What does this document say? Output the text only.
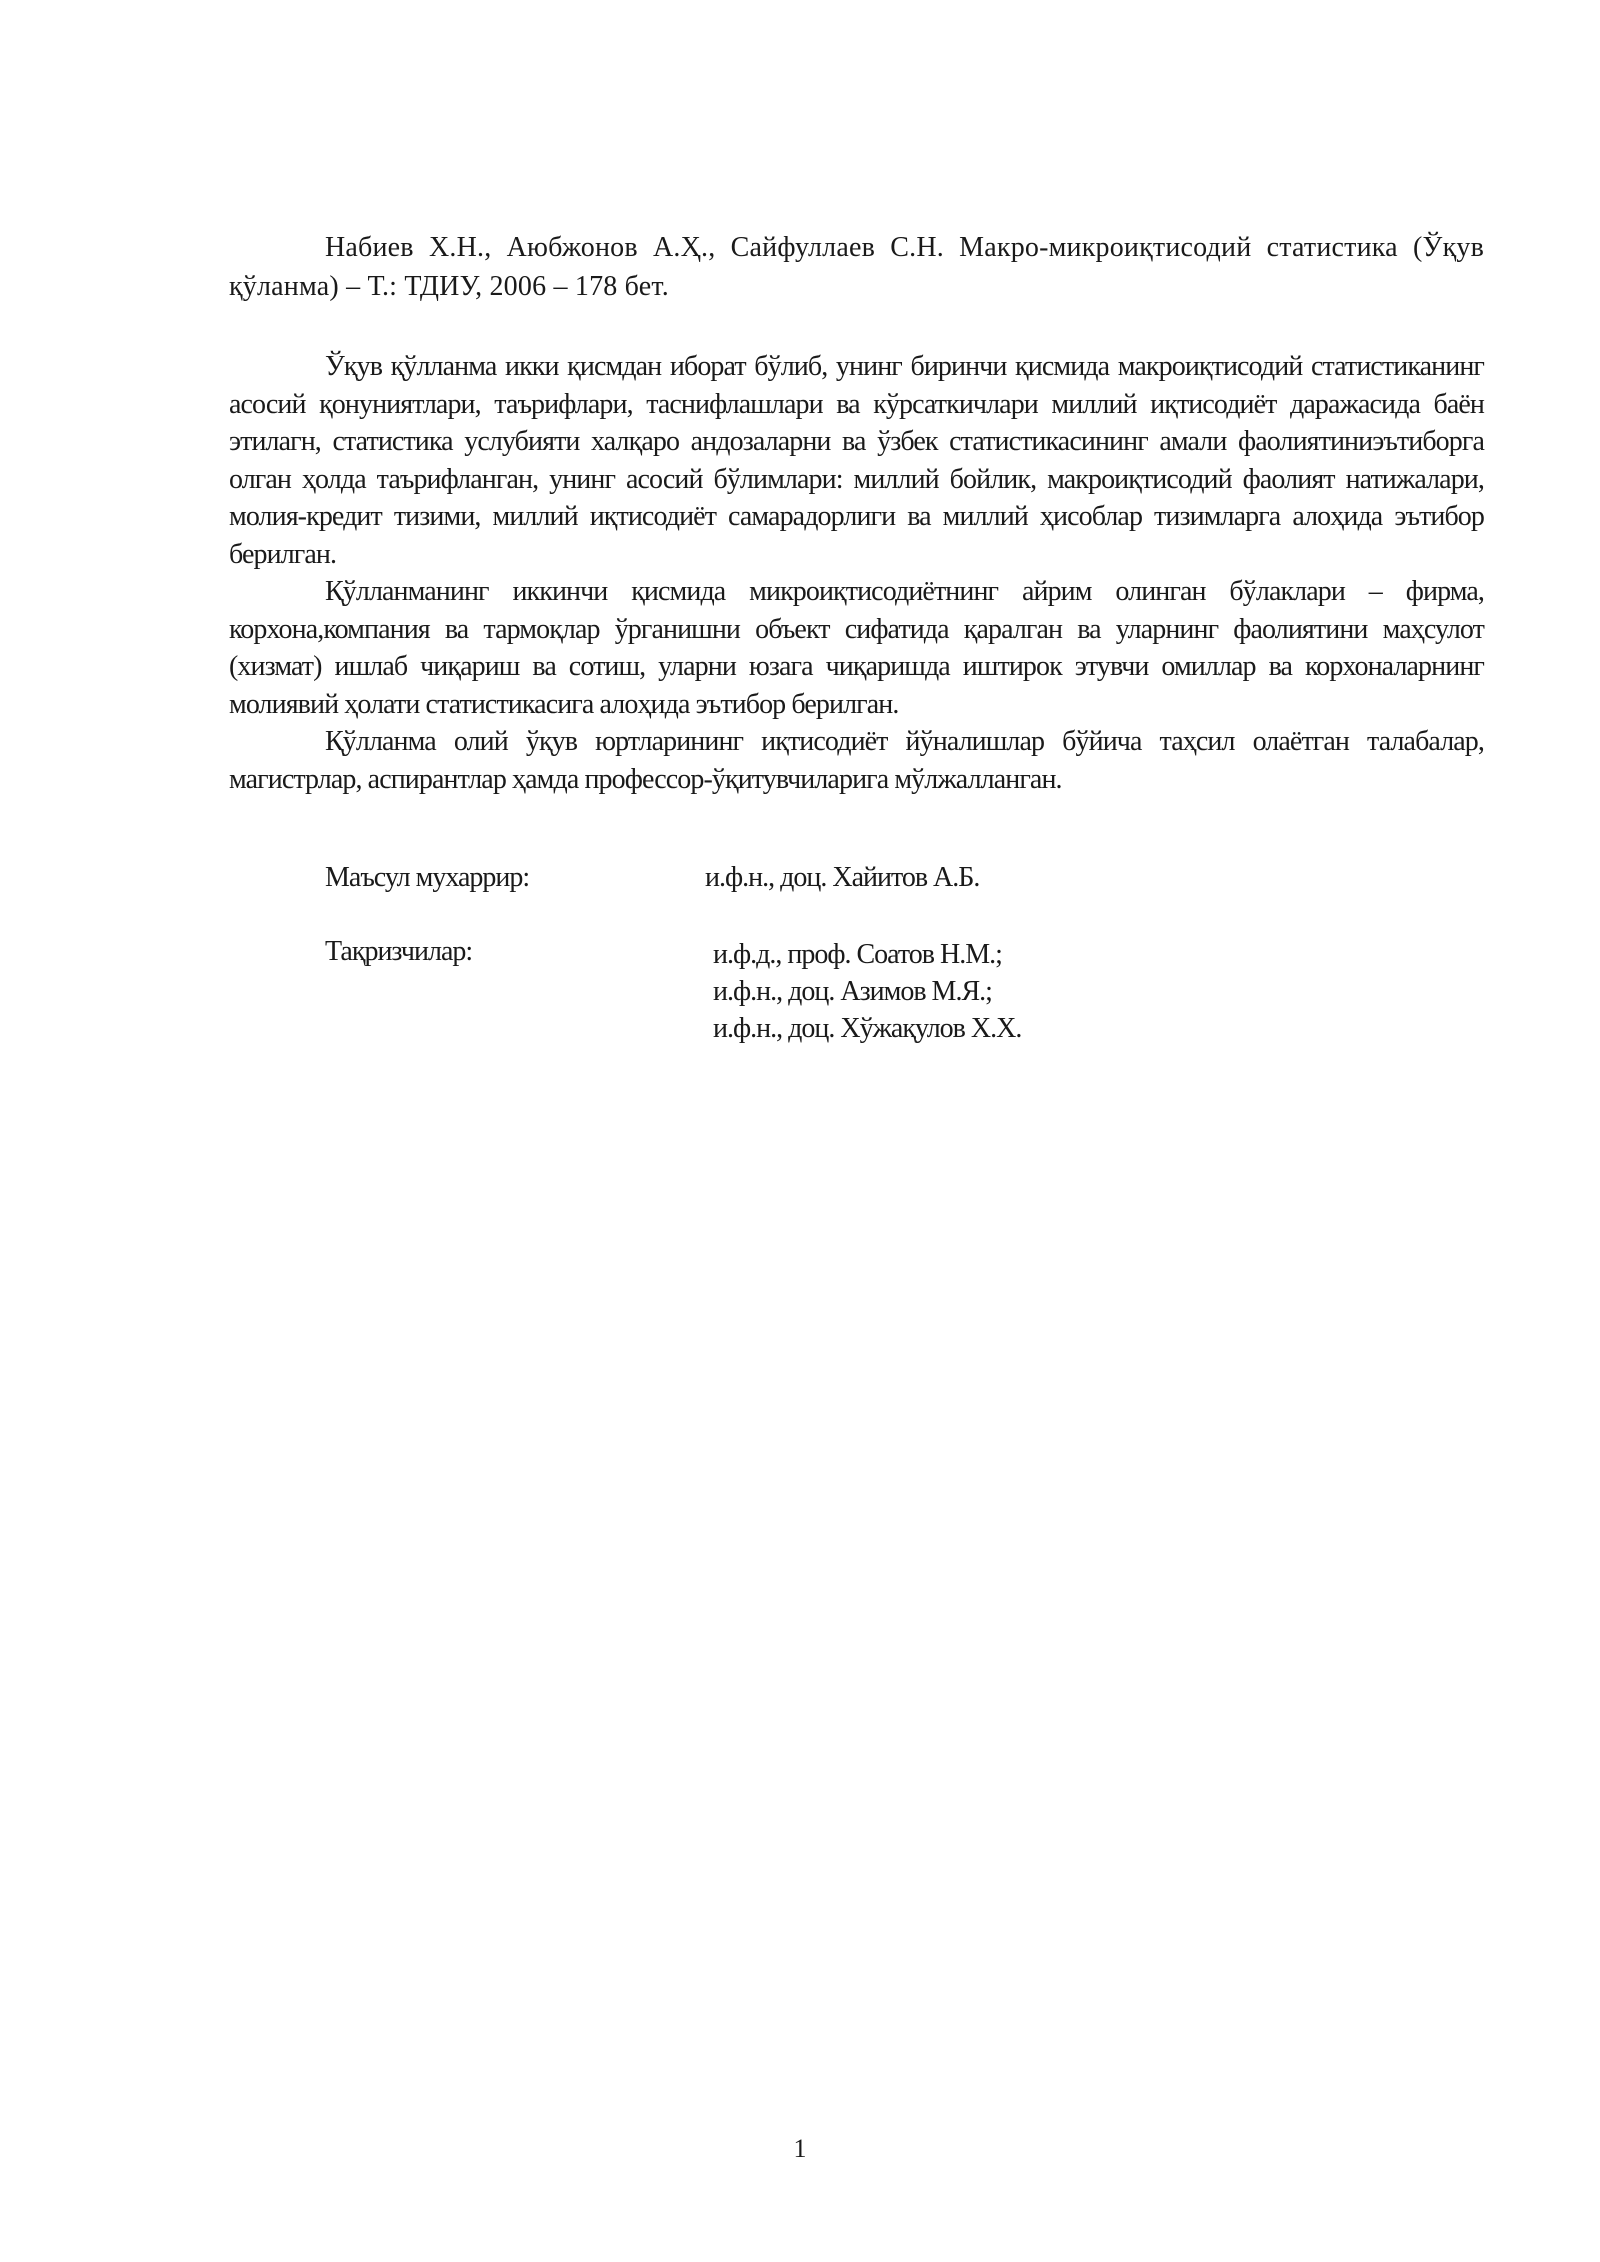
Набиев Х.Н., Аюбжонов А.Ҳ., Сайфуллаев С.Н. Макро-микроиқтисодий статистика (Ўқув қўланма) – Т.: ТДИУ, 2006 – 178 бет.

Ўқув қўлланма икки қисмдан иборат бўлиб, унинг биринчи қисмида макроиқтисодий статистиканинг асосий қонуниятлари, таърифлари, таснифлашлари ва кўрсаткичлари миллий иқтисодиёт даражасида баён этилагн, статистика услубияти халқаро андозаларни ва ўзбек статистикасининг амали фаолиятиниэътиборга олган ҳолда таърифланган, унинг асосий бўлимлари: миллий бойлик, макроиқтисодий фаолият натижалари, молия-кредит тизими, миллий иқтисодиёт самарадорлиги ва миллий ҳисоблар тизимларга алоҳида эътибор берилган.

Қўлланманинг иккинчи қисмида микроиқтисодиётнинг айрим олинган бўлаклари – фирма, корхона,компания ва тармоқлар ўрганишни объект сифатида қаралган ва уларнинг фаолиятини маҳсулот (хизмат) ишлаб чиқариш ва сотиш, уларни юзага чиқаришда иштирок этувчи омиллар ва корхоналарнинг молиявий ҳолати статистикасига алоҳида эътибор берилган.

Қўлланма олий ўқув юртларининг иқтисодиёт йўналишлар бўйича таҳсил олаётган талабалар, магистрлар, аспирантлар ҳамда профессор-ўқитувчиларига мўлжалланган.

Маъсул мухаррир:	и.ф.н., доц. Хайитов А.Б.
Тақризчилар:	и.ф.д., проф. Соатов Н.М.;
и.ф.н., доц. Азимов М.Я.;
и.ф.н., доц. Хўжақулов Х.Х.
1
